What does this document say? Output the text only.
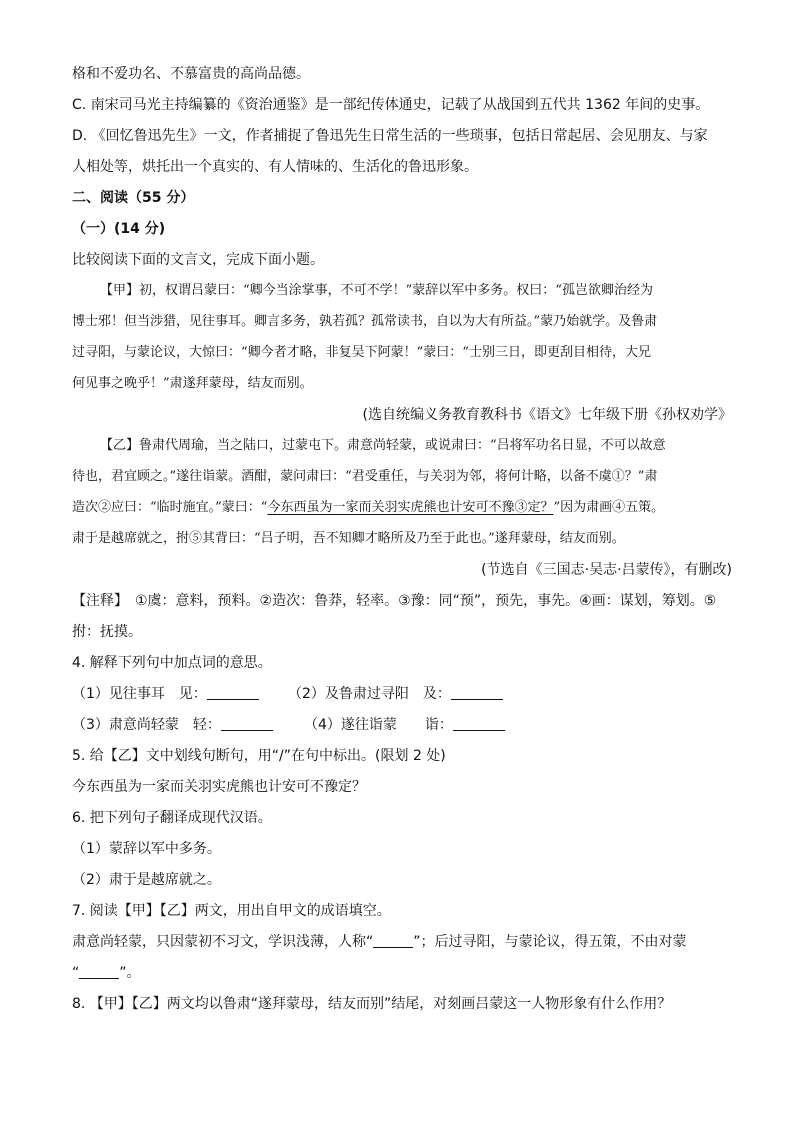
格和不爱功名、不慕富贵的高尚品德。

C. 南宋司马光主持编纂的《资治通鉴》是一部纪传体通史，记载了从战国到五代共 1362 年间的史事。

D. 《回忆鲁迅先生》一文，作者捕捉了鲁迅先生日常生活的一些琐事，包括日常起居、会见朋友、与家

人相处等，烘托出一个真实的、有人情味的、生活化的鲁迅形象。

二、阅读（55 分）

（一）(14 分)

比较阅读下面的文言文，完成下面小题。

【甲】初，权谓吕蒙曰：“卿今当涂掌事，不可不学！”蒙辞以军中多务。权曰：“孤岂欲卿治经为

博士邪！但当涉猎，见往事耳。卿言多务，孰若孤？孤常读书，自以为大有所益。”蒙乃始就学。及鲁肃

过寻阳，与蒙论议，大惊曰：“卿今者才略，非复吴下阿蒙！”蒙曰：“士别三日，即更刮目相待，大兄

何见事之晚乎！”肃遂拜蒙母，结友而别。

(选自统编义务教育教科书《语文》七年级下册《孙权劝学》

【乙】鲁肃代周瑜，当之陆口，过蒙屯下。肃意尚轻蒙，或说肃曰：“吕将军功名日显，不可以故意

待也，君宜顾之。”遂往诣蒙。酒酣，蒙问肃曰：“君受重任，与关羽为邻，将何计略，以备不虞①？”肃

造次②应曰：“临时施宜。”蒙曰：“今东西虽为一家而关羽实虎熊也计安可不豫③定？”因为肃画④五策。

肃于是越席就之，拊⑤其背曰：“吕子明，吾不知卿才略所及乃至于此也。”遂拜蒙母，结友而别。

(节选自《三国志·吴志·吕蒙传》，有删改)

【注释】　①虞：意料，预料。②造次：鲁莽，轻率。③豫：同“预”，预先，事先。④画：谋划，筹划。⑤

拊：抚摸。

4. 解释下列句中加点词的意思。

（1）见往事耳　见：	（2）及鲁肃过寻阳　及：

（3）肃意尚轻蒙　轻：	（4）遂往诣蒙　　诣：

5. 给【乙】文中划线句断句，用“/”在句中标出。(限划 2 处)

今东西虽为一家而关羽实虎熊也计安可不豫定？

6. 把下列句子翻译成现代汉语。

（1）蒙辞以军中多务。

（2）肃于是越席就之。

7. 阅读【甲】【乙】两文，用出自甲文的成语填空。

肃意尚轻蒙，只因蒙初不习文，学识浅薄，人称“	”；后过寻阳，与蒙论议，得五策，不由对蒙

“	”。

8. 【甲】【乙】两文均以鲁肃“遂拜蒙母，结友而别”结尾，对刻画吕蒙这一人物形象有什么作用？
